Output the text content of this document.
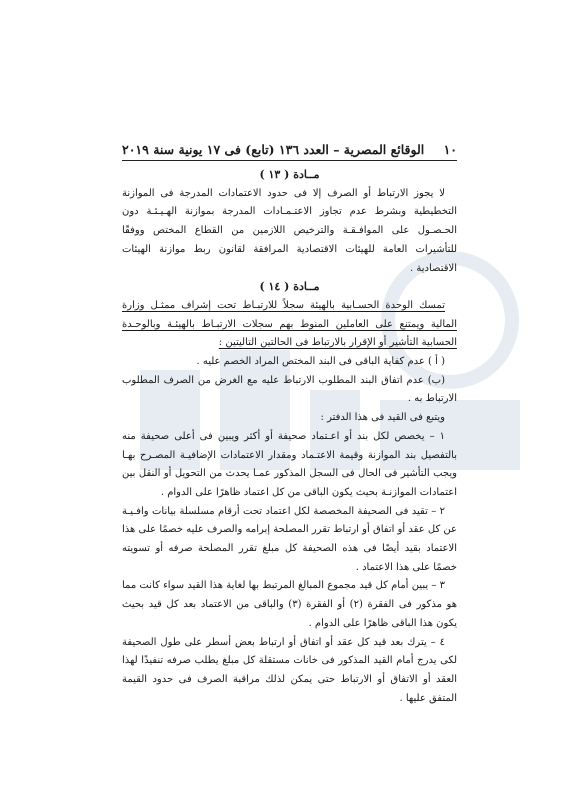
١٠
الوقائع المصرية – العدد ١٣٦ (تابع) فى ١٧ يونية سنة ٢٠١٩
مــادة ( ١٣ )

لا يجوز الارتباط أو الصرف إلا فى حدود الاعتمادات المدرجة فى الموازنة التخطيطية وبشرط عدم تجاوز الاعتـمـادات المدرجة بموازنة الهـيـئـة دون الحـصـول على الموافـقـة والترخيص اللازمين من القطاع المختص ووفقًا للتأشيرات العامة للهيئات الاقتصادية المرافقة لقانون ربط موازنة الهيئات الاقتصادية .

مــادة ( ١٤ )

تمسك الوحدة الحسـابية بالهيئة سجلاً للارتبـاط تحت إشراف ممثـل وزارة المالية ويمتنع على العاملين المنوط بهم سجلات الارتبـاط بالهيئـة وبالوحـدة الحسابية التأشير أو الإقرار بالارتباط فى الحالتين التاليتين :

( أ ) عدم كفاية الباقى فى البند المختص المراد الخصم عليه .

(ب) عدم اتفاق البند المطلوب الارتباط عليه مع الغرض من الصرف المطلوب الارتباط به .

ويتبع فى القيد فى هذا الدفتر :

١ – يخصص لكل بند أو اعـتماد صحيفة أو أكثر ويبين فى أعلى صحيفة منه بالتفصيل بند الموازنة وقيمة الاعتـماد ومقدار الاعتمادات الإضافيـة المصـرح بهـا ويجب التأشير فى الحال فى السجل المذكور عمـا يحدث من التحويل أو النقل بين اعتمادات الموازنـة بحيث يكون الباقى من كل اعتماد ظاهرًا على الدوام .

٢ – تقيد فى الصحيفة المخصصة لكل اعتماد تحت أرقام مسلسلة بيانات وافـيـة عن كل عقد أو اتفاق أو ارتباط تقرر المصلحة إبرامه والصرف عليه خصمًا على هذا الاعتماد بقيد أيضًا فى هذه الصحيفة كل مبلغ تقرر المصلحة صرفه أو تسويته خصمًا على هذا الاعتماد .

٣ – يبين أمام كل قيد مجموع المبالغ المرتبط بها لغاية هذا القيد سواء كانت مما هو مذكور فى الفقرة (٢) أو الفقرة (٣) والباقى من الاعتماد بعد كل قيد بحيث يكون هذا الباقى ظاهرًا على الدوام .

٤ – يترك بعد قيد كل عقد أو اتفاق أو ارتباط بعض أسطر على طول الصحيفة لكى يدرج أمام القيد المذكور فى خانات مستقلة كل مبلغ يطلب صرفه تنفيذًا لهذا العقد أو الاتفاق أو الارتباط حتى يمكن لذلك مراقبة الصرف فى حدود القيمة المتفق عليها .
